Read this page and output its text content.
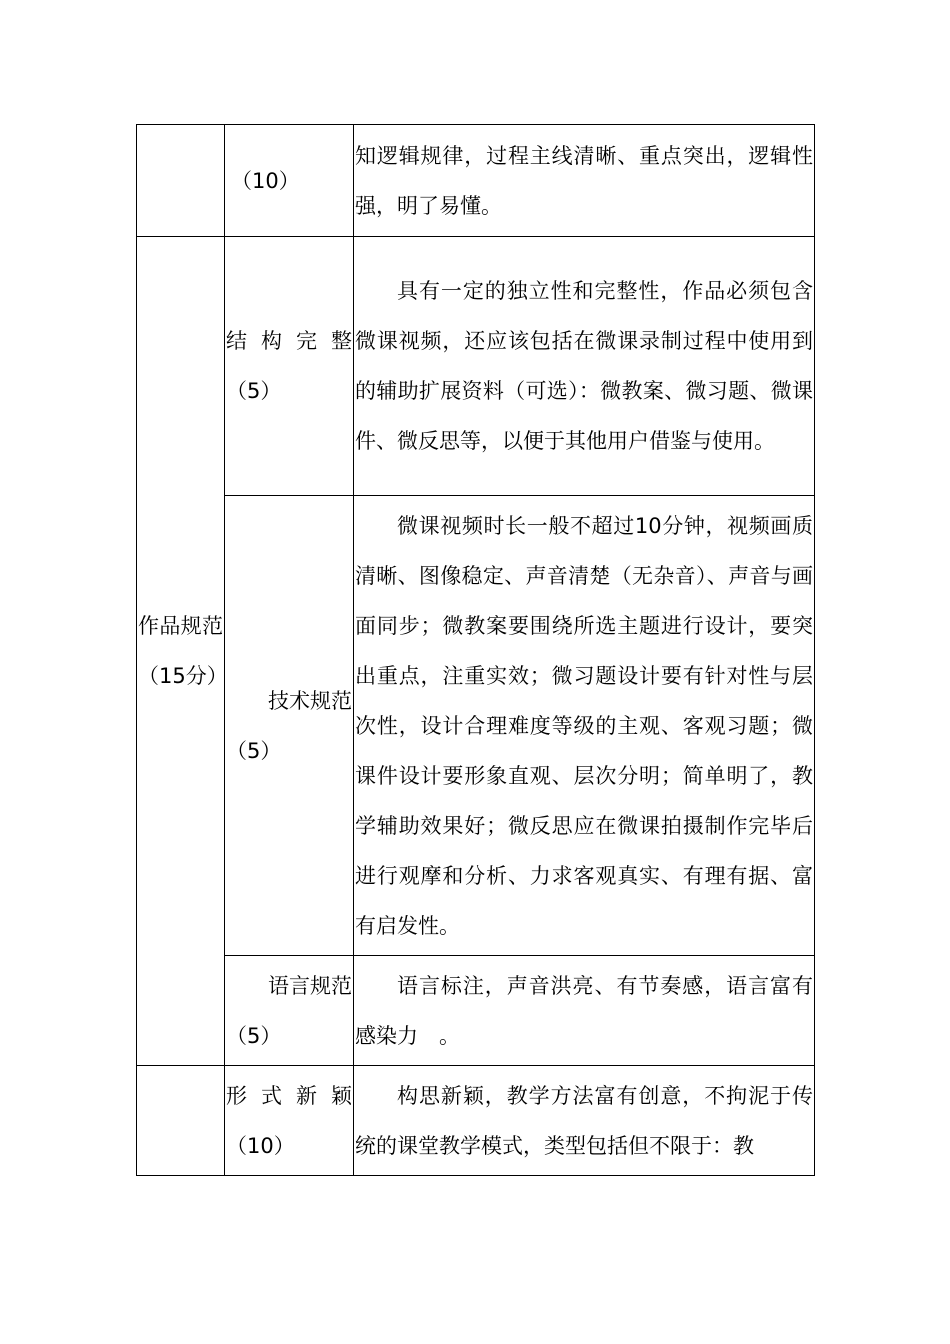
	（10）	知逻辑规律，过程主线清晰、重点突出，逻辑性强，明了易懂。

作品规范（15分）	结构完整（5）	具有一定的独立性和完整性，作品必须包含微课视频，还应该包括在微课录制过程中使用到的辅助扩展资料（可选）：微教案、微习题、微课件、微反思等，以便于其他用户借鉴与使用。

	技术规范（5）	微课视频时长一般不超过10分钟，视频画质清晰、图像稳定、声音清楚（无杂音）、声音与画面同步；微教案要围绕所选主题进行设计，要突出重点，注重实效；微习题设计要有针对性与层次性，设计合理难度等级的主观、客观习题；微课件设计要形象直观、层次分明；简单明了，教学辅助效果好；微反思应在微课拍摄制作完毕后进行观摩和分析、力求客观真实、有理有据、富有启发性。

	语言规范（5）	语言标注，声音洪亮、有节奏感，语言富有感染力　。

	形式新颖（10）	构思新颖，教学方法富有创意，不拘泥于传统的课堂教学模式，类型包括但不限于：教
